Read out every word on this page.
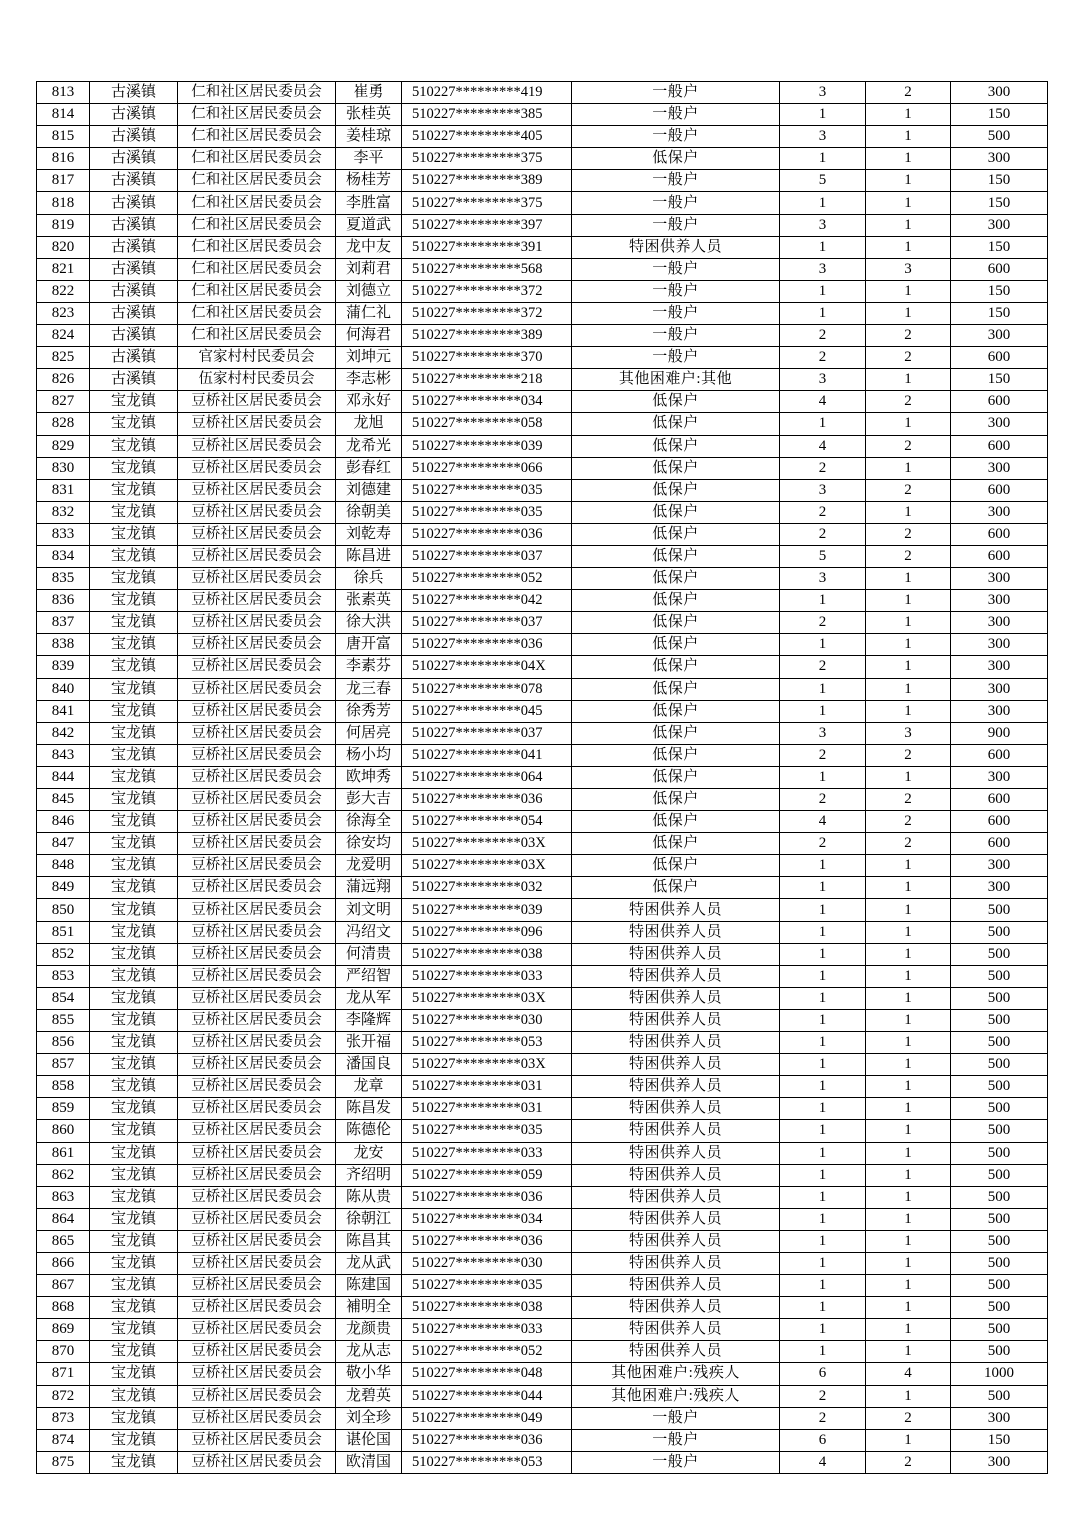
813	古溪镇	仁和社区居民委员会	崔勇	510227*********419	一般户	3	2	300
814	古溪镇	仁和社区居民委员会	张桂英	510227*********385	一般户	1	1	150
815	古溪镇	仁和社区居民委员会	姜桂琼	510227*********405	一般户	3	1	500
816	古溪镇	仁和社区居民委员会	李平	510227*********375	低保户	1	1	300
817	古溪镇	仁和社区居民委员会	杨桂芳	510227*********389	一般户	5	1	150
818	古溪镇	仁和社区居民委员会	李胜富	510227*********375	一般户	1	1	150
819	古溪镇	仁和社区居民委员会	夏道武	510227*********397	一般户	3	1	300
820	古溪镇	仁和社区居民委员会	龙中友	510227*********391	特困供养人员	1	1	150
821	古溪镇	仁和社区居民委员会	刘莉君	510227*********568	一般户	3	3	600
822	古溪镇	仁和社区居民委员会	刘德立	510227*********372	一般户	1	1	150
823	古溪镇	仁和社区居民委员会	蒲仁礼	510227*********372	一般户	1	1	150
824	古溪镇	仁和社区居民委员会	何海君	510227*********389	一般户	2	2	300
825	古溪镇	官家村村民委员会	刘坤元	510227*********370	一般户	2	2	600
826	古溪镇	伍家村村民委员会	李志彬	510227*********218	其他困难户:其他	3	1	150
827	宝龙镇	豆桥社区居民委员会	邓永好	510227*********034	低保户	4	2	600
828	宝龙镇	豆桥社区居民委员会	龙旭	510227*********058	低保户	1	1	300
829	宝龙镇	豆桥社区居民委员会	龙希光	510227*********039	低保户	4	2	600
830	宝龙镇	豆桥社区居民委员会	彭春红	510227*********066	低保户	2	1	300
831	宝龙镇	豆桥社区居民委员会	刘德建	510227*********035	低保户	3	2	600
832	宝龙镇	豆桥社区居民委员会	徐朝美	510227*********035	低保户	2	1	300
833	宝龙镇	豆桥社区居民委员会	刘乾寿	510227*********036	低保户	2	2	600
834	宝龙镇	豆桥社区居民委员会	陈昌进	510227*********037	低保户	5	2	600
835	宝龙镇	豆桥社区居民委员会	徐兵	510227*********052	低保户	3	1	300
836	宝龙镇	豆桥社区居民委员会	张素英	510227*********042	低保户	1	1	300
837	宝龙镇	豆桥社区居民委员会	徐大洪	510227*********037	低保户	2	1	300
838	宝龙镇	豆桥社区居民委员会	唐开富	510227*********036	低保户	1	1	300
839	宝龙镇	豆桥社区居民委员会	李素芬	510227*********04X	低保户	2	1	300
840	宝龙镇	豆桥社区居民委员会	龙三春	510227*********078	低保户	1	1	300
841	宝龙镇	豆桥社区居民委员会	徐秀芳	510227*********045	低保户	1	1	300
842	宝龙镇	豆桥社区居民委员会	何居亮	510227*********037	低保户	3	3	900
843	宝龙镇	豆桥社区居民委员会	杨小均	510227*********041	低保户	2	2	600
844	宝龙镇	豆桥社区居民委员会	欧坤秀	510227*********064	低保户	1	1	300
845	宝龙镇	豆桥社区居民委员会	彭大吉	510227*********036	低保户	2	2	600
846	宝龙镇	豆桥社区居民委员会	徐海全	510227*********054	低保户	4	2	600
847	宝龙镇	豆桥社区居民委员会	徐安均	510227*********03X	低保户	2	2	600
848	宝龙镇	豆桥社区居民委员会	龙爱明	510227*********03X	低保户	1	1	300
849	宝龙镇	豆桥社区居民委员会	蒲远翔	510227*********032	低保户	1	1	300
850	宝龙镇	豆桥社区居民委员会	刘文明	510227*********039	特困供养人员	1	1	500
851	宝龙镇	豆桥社区居民委员会	冯绍文	510227*********096	特困供养人员	1	1	500
852	宝龙镇	豆桥社区居民委员会	何清贵	510227*********038	特困供养人员	1	1	500
853	宝龙镇	豆桥社区居民委员会	严绍智	510227*********033	特困供养人员	1	1	500
854	宝龙镇	豆桥社区居民委员会	龙从军	510227*********03X	特困供养人员	1	1	500
855	宝龙镇	豆桥社区居民委员会	李隆辉	510227*********030	特困供养人员	1	1	500
856	宝龙镇	豆桥社区居民委员会	张开福	510227*********053	特困供养人员	1	1	500
857	宝龙镇	豆桥社区居民委员会	潘国良	510227*********03X	特困供养人员	1	1	500
858	宝龙镇	豆桥社区居民委员会	龙章	510227*********031	特困供养人员	1	1	500
859	宝龙镇	豆桥社区居民委员会	陈昌发	510227*********031	特困供养人员	1	1	500
860	宝龙镇	豆桥社区居民委员会	陈德伦	510227*********035	特困供养人员	1	1	500
861	宝龙镇	豆桥社区居民委员会	龙安	510227*********033	特困供养人员	1	1	500
862	宝龙镇	豆桥社区居民委员会	齐绍明	510227*********059	特困供养人员	1	1	500
863	宝龙镇	豆桥社区居民委员会	陈从贵	510227*********036	特困供养人员	1	1	500
864	宝龙镇	豆桥社区居民委员会	徐朝江	510227*********034	特困供养人员	1	1	500
865	宝龙镇	豆桥社区居民委员会	陈昌其	510227*********036	特困供养人员	1	1	500
866	宝龙镇	豆桥社区居民委员会	龙从武	510227*********030	特困供养人员	1	1	500
867	宝龙镇	豆桥社区居民委员会	陈建国	510227*********035	特困供养人员	1	1	500
868	宝龙镇	豆桥社区居民委员会	補明全	510227*********038	特困供养人员	1	1	500
869	宝龙镇	豆桥社区居民委员会	龙颜贵	510227*********033	特困供养人员	1	1	500
870	宝龙镇	豆桥社区居民委员会	龙从志	510227*********052	特困供养人员	1	1	500
871	宝龙镇	豆桥社区居民委员会	敬小华	510227*********048	其他困难户:残疾人	6	4	1000
872	宝龙镇	豆桥社区居民委员会	龙碧英	510227*********044	其他困难户:残疾人	2	1	500
873	宝龙镇	豆桥社区居民委员会	刘全珍	510227*********049	一般户	2	2	300
874	宝龙镇	豆桥社区居民委员会	谌伦国	510227*********036	一般户	6	1	150
875	宝龙镇	豆桥社区居民委员会	欧清国	510227*********053	一般户	4	2	300
